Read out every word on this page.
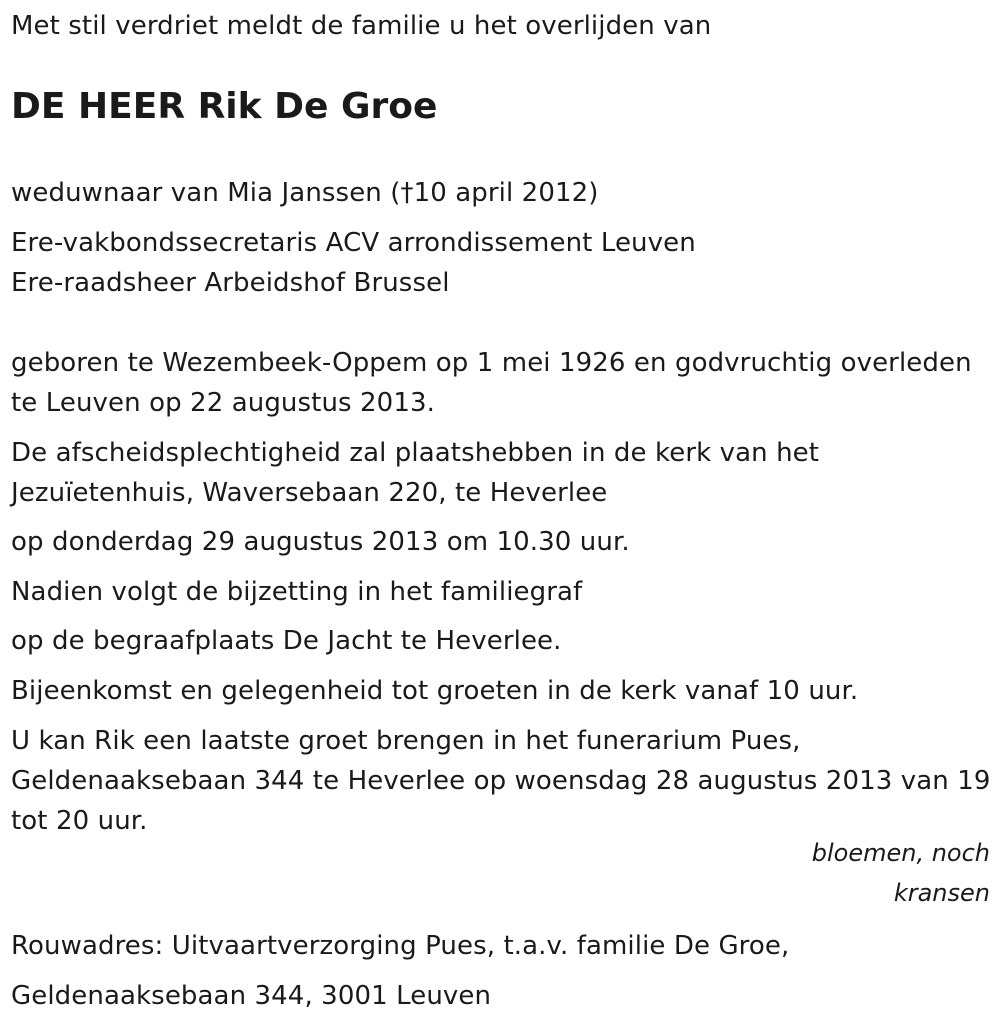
Met stil verdriet meldt de familie u het overlijden van

DE HEER Rik De Groe

weduwnaar van Mia Janssen (†10 april 2012)

Ere-vakbondssecretaris ACV arrondissement Leuven

Ere-raadsheer Arbeidshof Brussel

geboren te Wezembeek-Oppem op 1 mei 1926 en godvruchtig overleden

te Leuven op 22 augustus 2013.

De afscheidsplechtigheid zal plaatshebben in de kerk van het

Jezuïetenhuis, Waversebaan 220, te Heverlee

op donderdag 29 augustus 2013 om 10.30 uur.

Nadien volgt de bijzetting in het familiegraf

op de begraafplaats De Jacht te Heverlee.

Bijeenkomst en gelegenheid tot groeten in de kerk vanaf 10 uur.

U kan Rik een laatste groet brengen in het funerarium Pues,

Geldenaaksebaan 344 te Heverlee op woensdag 28 augustus 2013 van 19

tot 20 uur.

bloemen, noch

kransen

Rouwadres: Uitvaartverzorging Pues, t.a.v. familie De Groe,

Geldenaaksebaan 344, 3001 Leuven
